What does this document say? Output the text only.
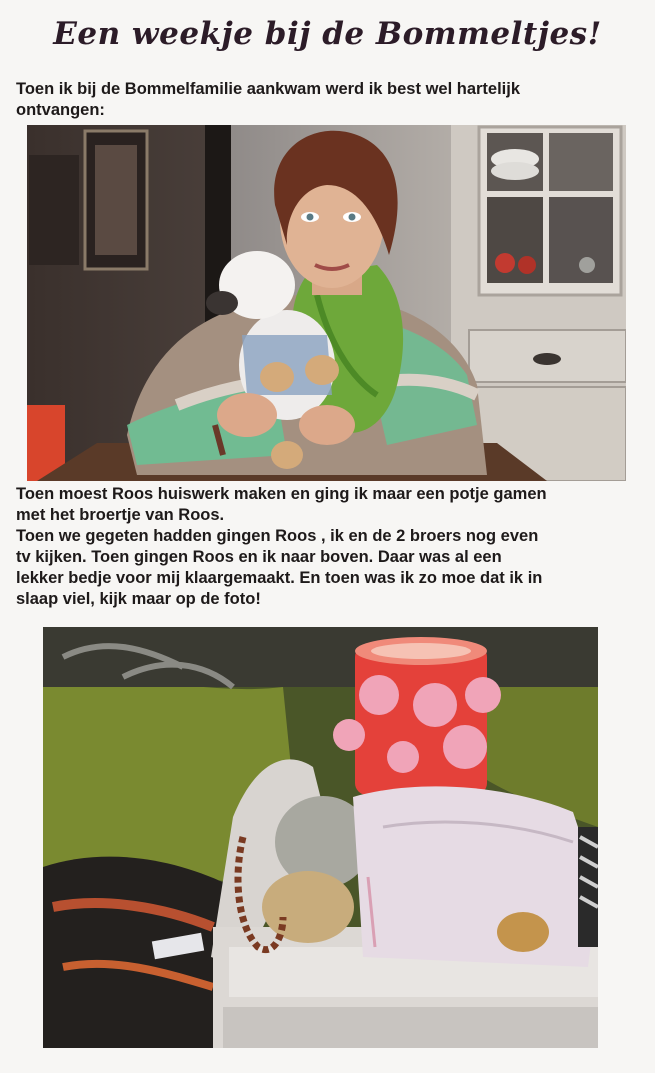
Een weekje bij de Bommeltjes!
Toen ik bij de Bommelfamilie aankwam werd ik best wel hartelijk
ontvangen:
Toen moest Roos huiswerk maken en ging ik maar een potje gamen
met het broertje van Roos.
Toen we gegeten hadden gingen Roos , ik en de 2 broers nog even
tv kijken. Toen gingen Roos en ik naar boven. Daar was al een
lekker bedje voor mij klaargemaakt. En toen was ik zo moe dat ik in
slaap viel, kijk maar op de foto!
